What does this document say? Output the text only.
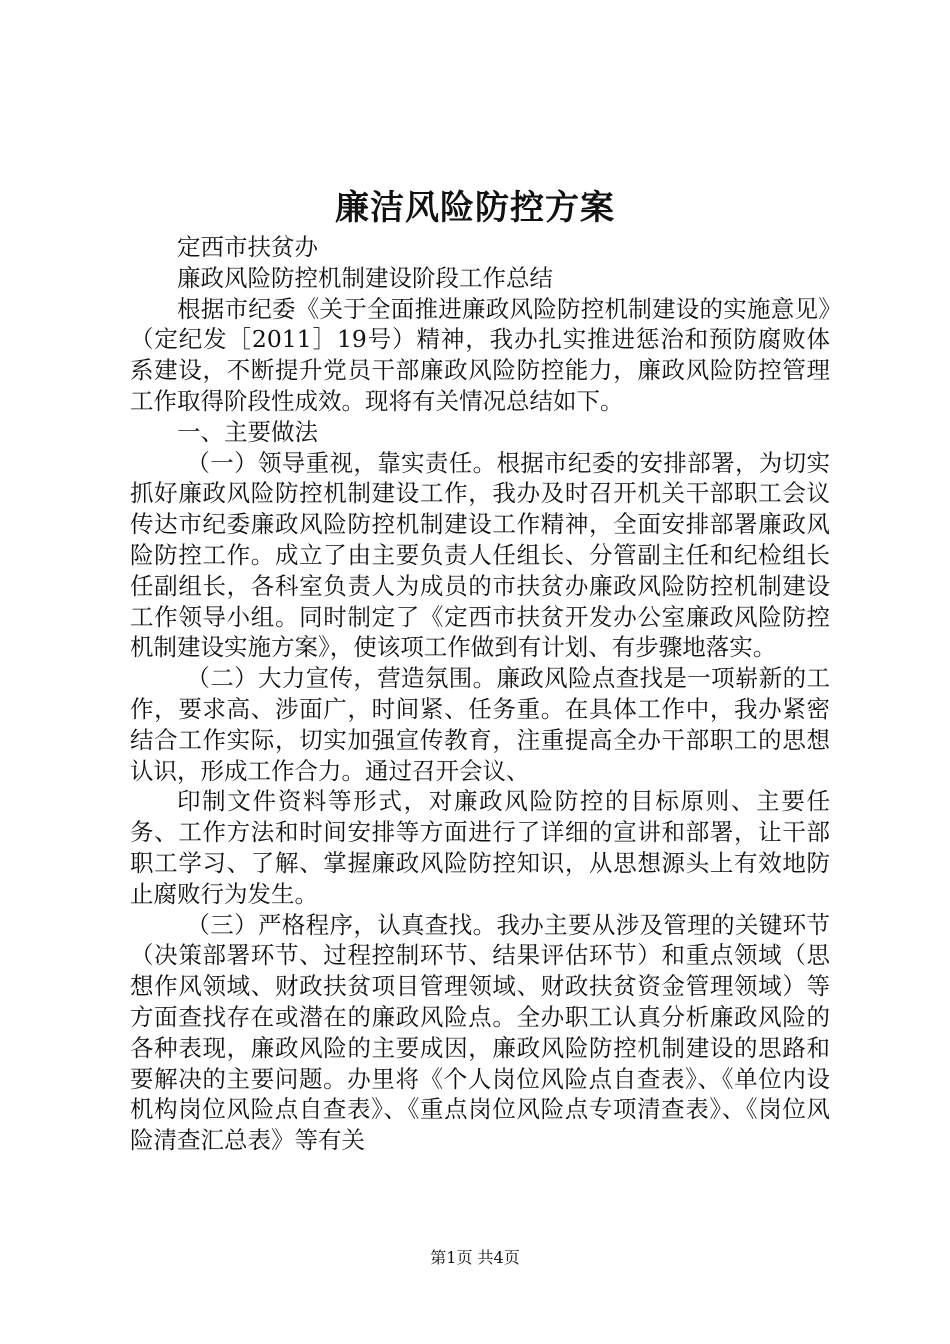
廉洁风险防控方案

定西市扶贫办

廉政风险防控机制建设阶段工作总结

根据市纪委《关于全面推进廉政风险防控机制建设的实施意见》（定纪发［2011］19号）精神，我办扎实推进惩治和预防腐败体系建设，不断提升党员干部廉政风险防控能力，廉政风险防控管理工作取得阶段性成效。现将有关情况总结如下。

一、主要做法

（一）领导重视，靠实责任。根据市纪委的安排部署，为切实抓好廉政风险防控机制建设工作，我办及时召开机关干部职工会议传达市纪委廉政风险防控机制建设工作精神，全面安排部署廉政风险防控工作。成立了由主要负责人任组长、分管副主任和纪检组长任副组长，各科室负责人为成员的市扶贫办廉政风险防控机制建设工作领导小组。同时制定了《定西市扶贫开发办公室廉政风险防控机制建设实施方案》，使该项工作做到有计划、有步骤地落实。

（二）大力宣传，营造氛围。廉政风险点查找是一项崭新的工作，要求高、涉面广，时间紧、任务重。在具体工作中，我办紧密结合工作实际，切实加强宣传教育，注重提高全办干部职工的思想认识，形成工作合力。通过召开会议、

印制文件资料等形式，对廉政风险防控的目标原则、主要任务、工作方法和时间安排等方面进行了详细的宣讲和部署，让干部职工学习、了解、掌握廉政风险防控知识，从思想源头上有效地防止腐败行为发生。

（三）严格程序，认真查找。我办主要从涉及管理的关键环节（决策部署环节、过程控制环节、结果评估环节）和重点领域（思想作风领域、财政扶贫项目管理领域、财政扶贫资金管理领域）等方面查找存在或潜在的廉政风险点。全办职工认真分析廉政风险的各种表现，廉政风险的主要成因，廉政风险防控机制建设的思路和要解决的主要问题。办里将《个人岗位风险点自查表》、《单位内设机构岗位风险点自查表》、《重点岗位风险点专项清查表》、《岗位风险清查汇总表》等有关

第1页 共4页
